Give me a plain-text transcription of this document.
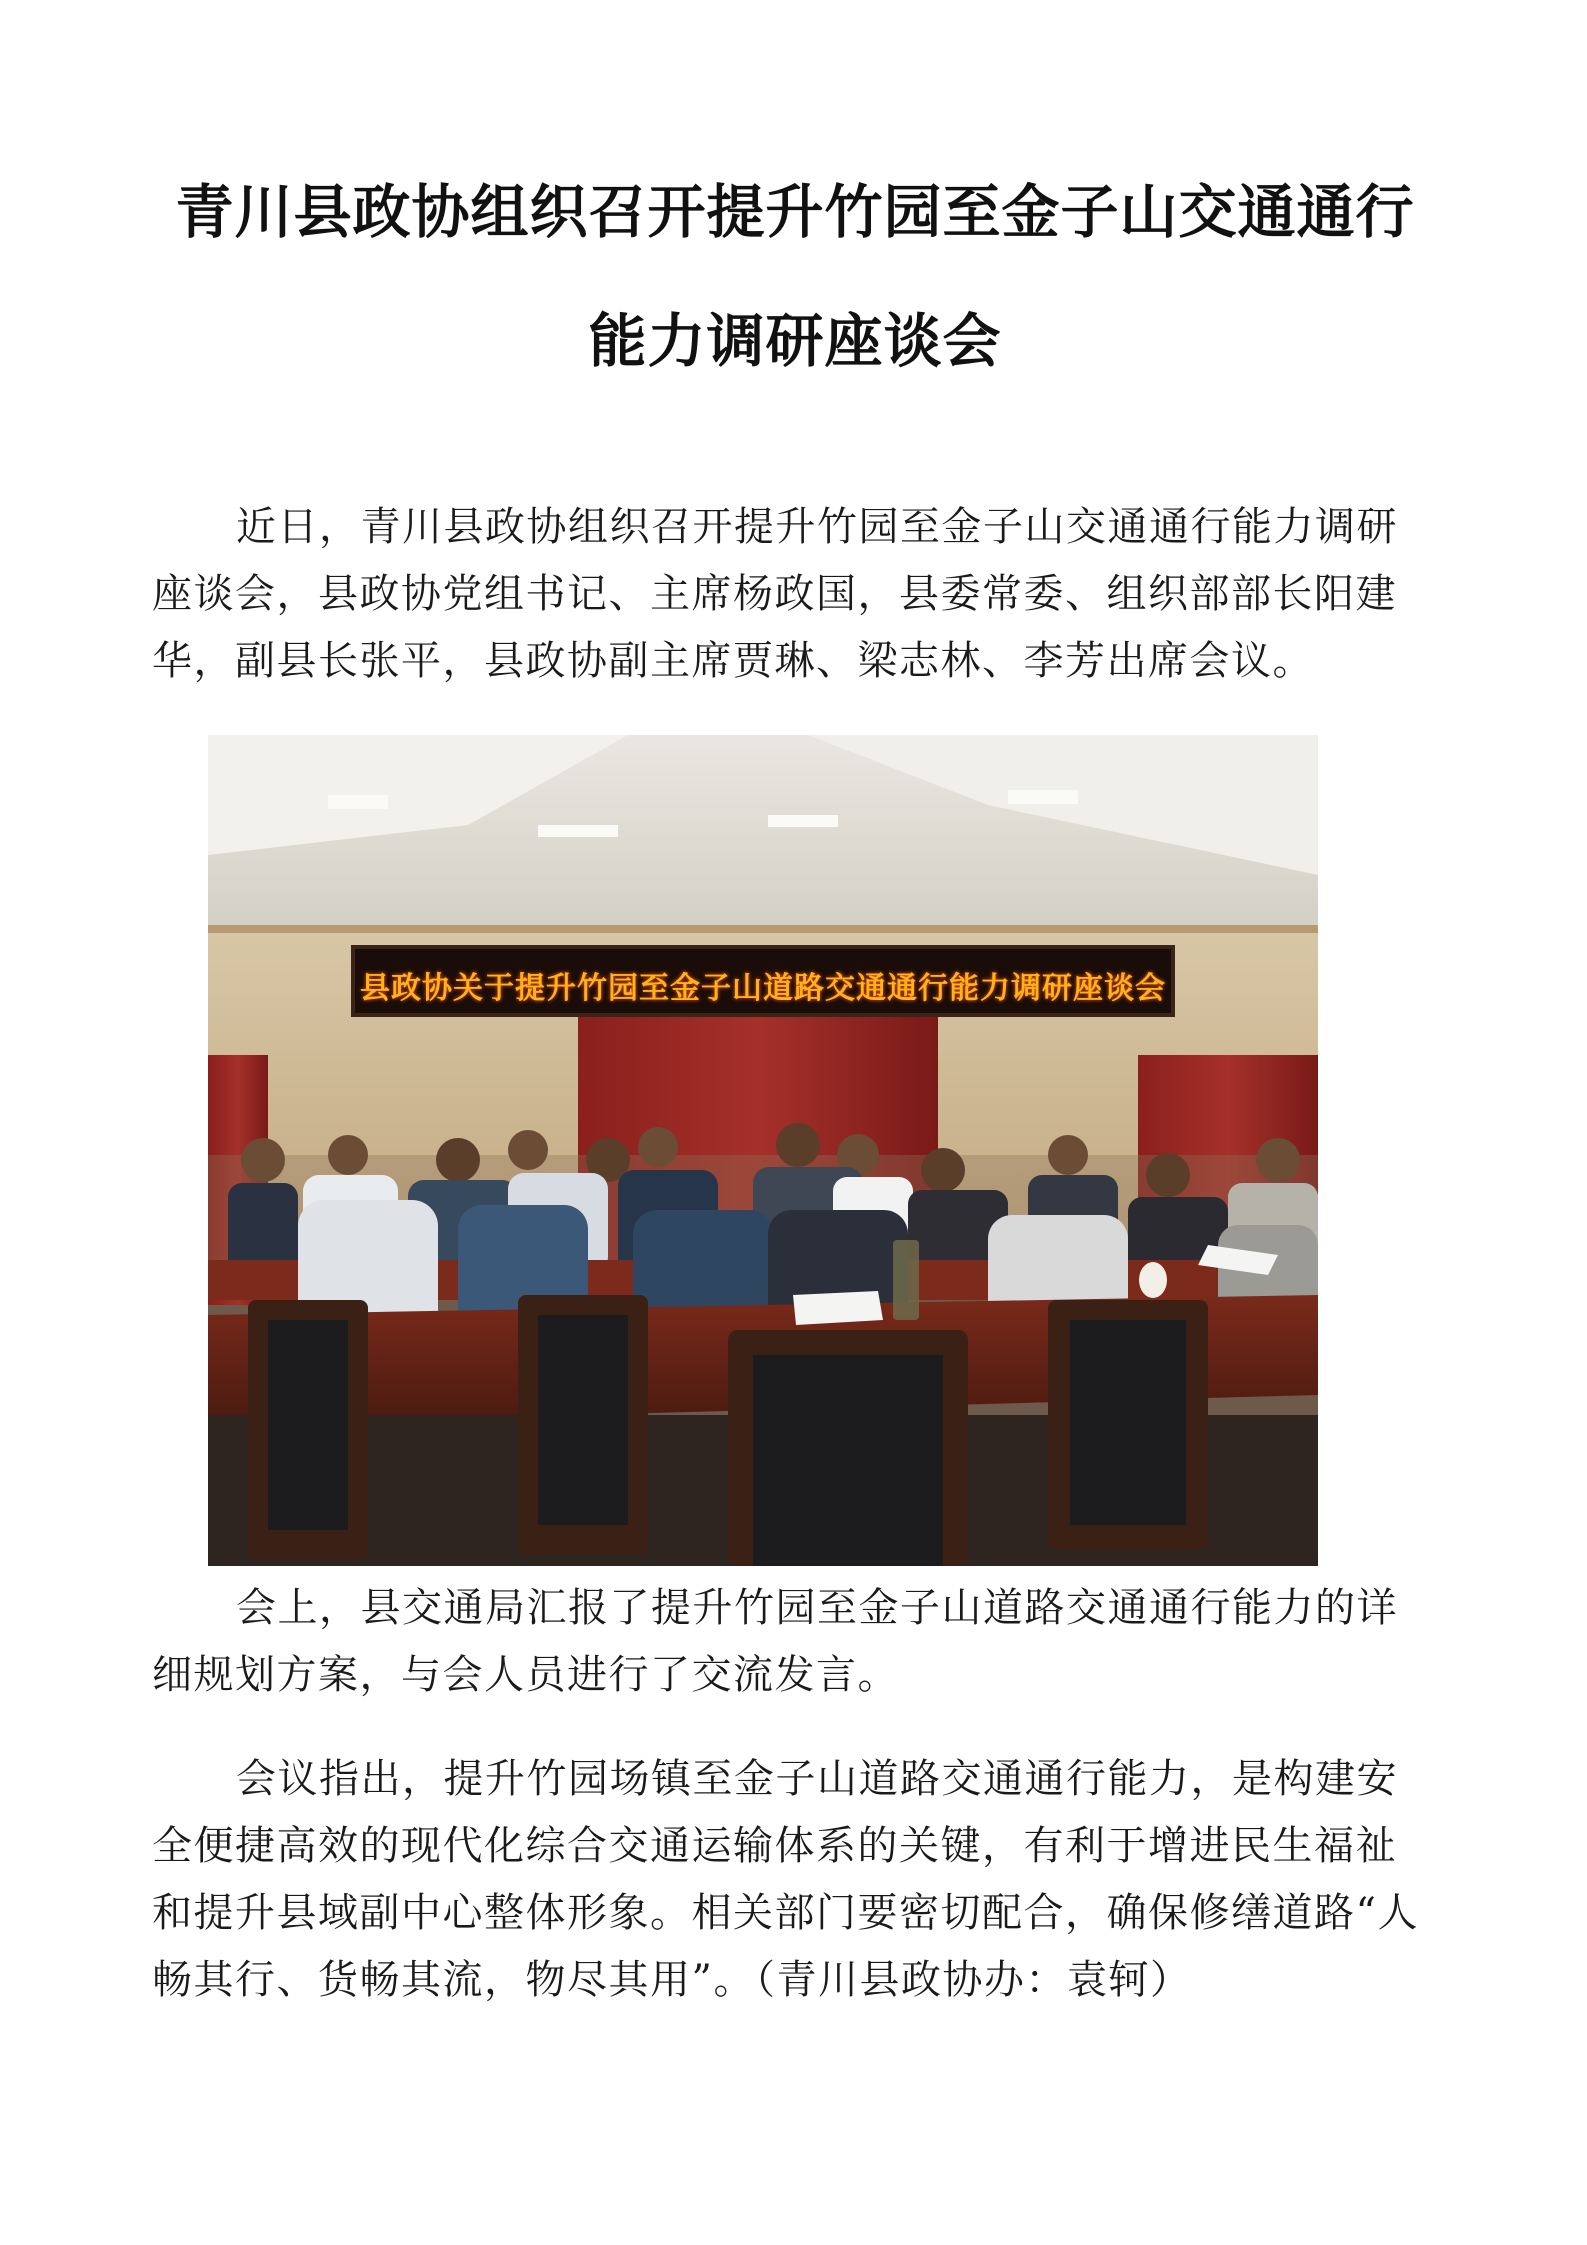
青川县政协组织召开提升竹园至金子山交通通行
能力调研座谈会
近日，青川县政协组织召开提升竹园至金子山交通通行能力调研
座谈会，县政协党组书记、主席杨政国，县委常委、组织部部长阳建
华，副县长张平，县政协副主席贾琳、梁志林、李芳出席会议。
县政协关于提升竹园至金子山道路交通通行能力调研座谈会
会上，县交通局汇报了提升竹园至金子山道路交通通行能力的详
细规划方案，与会人员进行了交流发言。
会议指出，提升竹园场镇至金子山道路交通通行能力，是构建安
全便捷高效的现代化综合交通运输体系的关键，有利于增进民生福祉
和提升县域副中心整体形象。相关部门要密切配合，确保修缮道路“人
畅其行、货畅其流，物尽其用”。（青川县政协办：袁轲）
